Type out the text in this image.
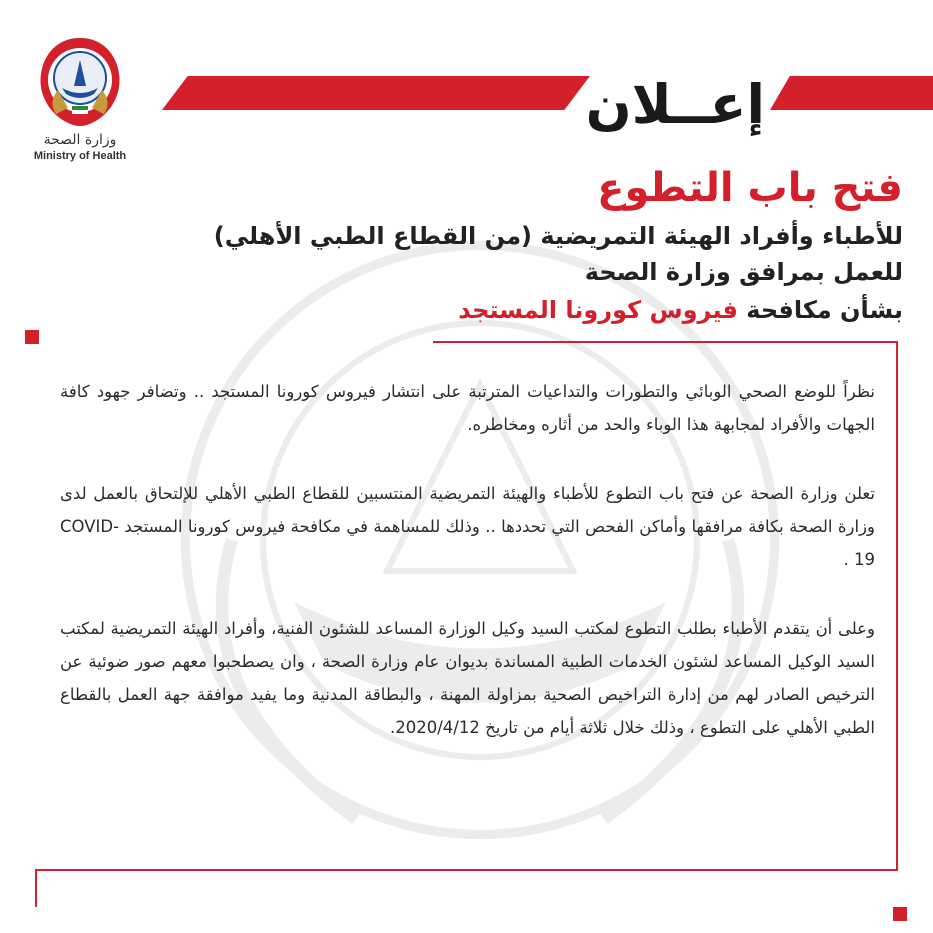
وزارة الصحة
Ministry of Health
إعــلان
فتح باب التطوع
للأطباء وأفراد الهيئة التمريضية (من القطاع الطبي الأهلي)
للعمل بمرافق وزارة الصحة
بشأن مكافحة فيروس كورونا المستجد

نظراً للوضع الصحي الوبائي والتطورات والتداعيات المترتبة على انتشار فيروس كورونا المستجد .. وتضافر جهود كافة الجهات والأفراد لمجابهة هذا الوباء والحد من أثاره ومخاطره.

تعلن وزارة الصحة عن فتح باب التطوع للأطباء والهيئة التمريضية المنتسبين للقطاع الطبي الأهلي للإلتحاق بالعمل لدى وزارة الصحة بكافة مرافقها وأماكن الفحص التي تحددها .. وذلك للمساهمة في مكافحة فيروس كورونا المستجد COVID-19 .

وعلى أن يتقدم الأطباء بطلب التطوع لمكتب السيد وكيل الوزارة المساعد للشئون الفنية، وأفراد الهيئة التمريضية لمكتب السيد الوكيل المساعد لشئون الخدمات الطبية المساندة بديوان عام وزارة الصحة ، وان يصطحبوا معهم صور ضوئية عن الترخيص الصادر لهم من إدارة التراخيص الصحية بمزاولة المهنة ، والبطاقة المدنية وما يفيد موافقة جهة العمل بالقطاع الطبي الأهلي على التطوع ، وذلك خلال ثلاثة أيام من تاريخ 2020/4/12.
